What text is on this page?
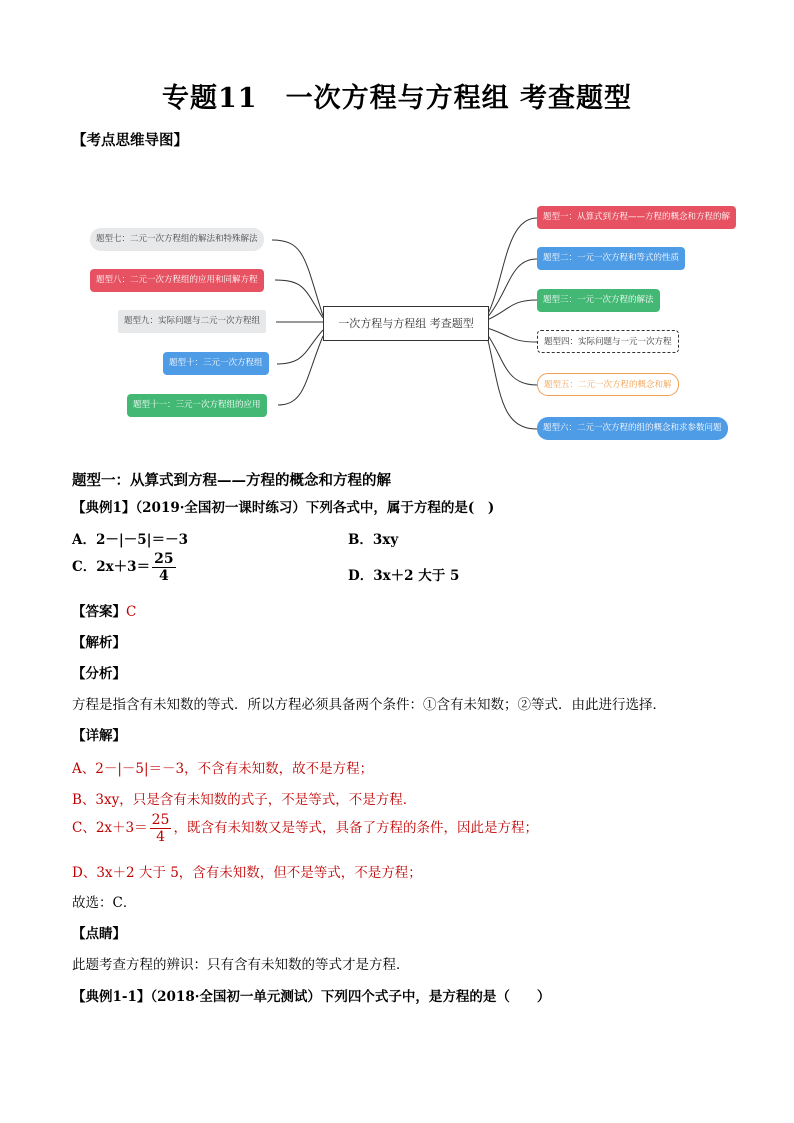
专题11　一次方程与方程组 考查题型
【考点思维导图】
一次方程与方程组 考查题型
题型一：从算式到方程——方程的概念和方程的解
题型二：一元一次方程和等式的性质
题型三：一元一次方程的解法
题型四：实际问题与一元一次方程
题型五：二元一次方程的概念和解
题型六：二元一次方程的组的概念和求参数问题
题型七：二元一次方程组的解法和特殊解法
题型八：二元一次方程组的应用和同解方程
题型九：实际问题与二元一次方程组
题型十：三元一次方程组
题型十一：三元一次方程组的应用
题型一：从算式到方程——方程的概念和方程的解
【典例1】（2019·全国初一课时练习）下列各式中，属于方程的是(　)
A．2－|－5|＝－3	B．3xy
C．$2x+3= \frac{25}{4}$	D．3x＋2 大于 5
【答案】C
【解析】
【分析】
方程是指含有未知数的等式．所以方程必须具备两个条件：①含有未知数；②等式．由此进行选择．
【详解】
A、2－|－5|＝－3，不含有未知数，故不是方程；
B、3xy，只是含有未知数的式子，不是等式，不是方程．
C、$2x+3= \frac{25}{4}$ ，既含有未知数又是等式，具备了方程的条件，因此是方程；
D、3x＋2 大于 5，含有未知数，但不是等式，不是方程；
故选：C．
【点睛】
此题考查方程的辨识：只有含有未知数的等式才是方程．
【典例1-1】（2018·全国初一单元测试）下列四个式子中，是方程的是（　　）
